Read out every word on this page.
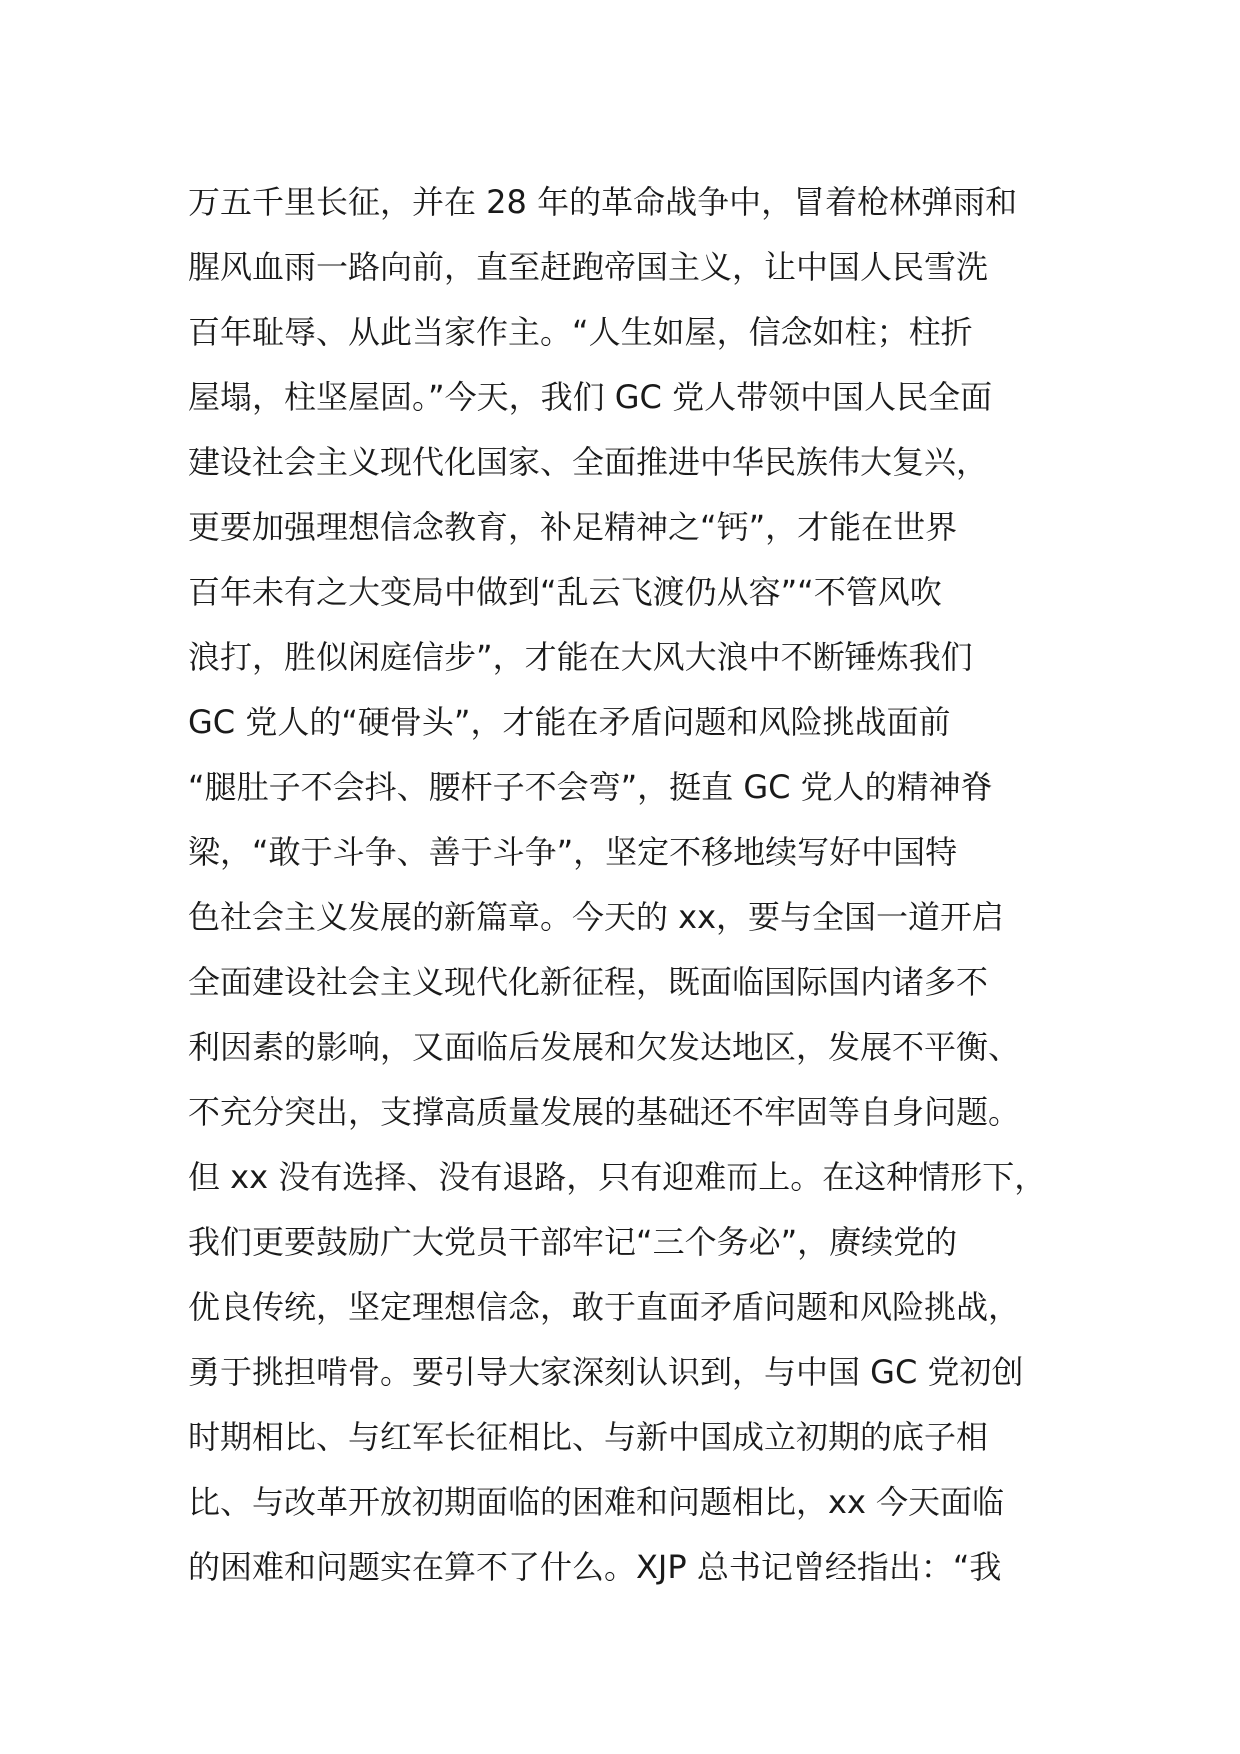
万五千里长征，并在 28 年的革命战争中，冒着枪林弹雨和
腥风血雨一路向前，直至赶跑帝国主义，让中国人民雪洗
百年耻辱、从此当家作主。“人生如屋，信念如柱；柱折
屋塌，柱坚屋固。”今天，我们 GC 党人带领中国人民全面
建设社会主义现代化国家、全面推进中华民族伟大复兴，
更要加强理想信念教育，补足精神之“钙”，才能在世界
百年未有之大变局中做到“乱云飞渡仍从容”“不管风吹
浪打，胜似闲庭信步”，才能在大风大浪中不断锤炼我们
GC 党人的“硬骨头”，才能在矛盾问题和风险挑战面前
“腿肚子不会抖、腰杆子不会弯”，挺直 GC 党人的精神脊
梁，“敢于斗争、善于斗争”，坚定不移地续写好中国特
色社会主义发展的新篇章。今天的 xx，要与全国一道开启
全面建设社会主义现代化新征程，既面临国际国内诸多不
利因素的影响，又面临后发展和欠发达地区，发展不平衡、
不充分突出，支撑高质量发展的基础还不牢固等自身问题。
但 xx 没有选择、没有退路，只有迎难而上。在这种情形下，
我们更要鼓励广大党员干部牢记“三个务必”，赓续党的
优良传统，坚定理想信念，敢于直面矛盾问题和风险挑战，
勇于挑担啃骨。要引导大家深刻认识到，与中国 GC 党初创
时期相比、与红军长征相比、与新中国成立初期的底子相
比、与改革开放初期面临的困难和问题相比，xx 今天面临
的困难和问题实在算不了什么。XJP 总书记曾经指出：“我
